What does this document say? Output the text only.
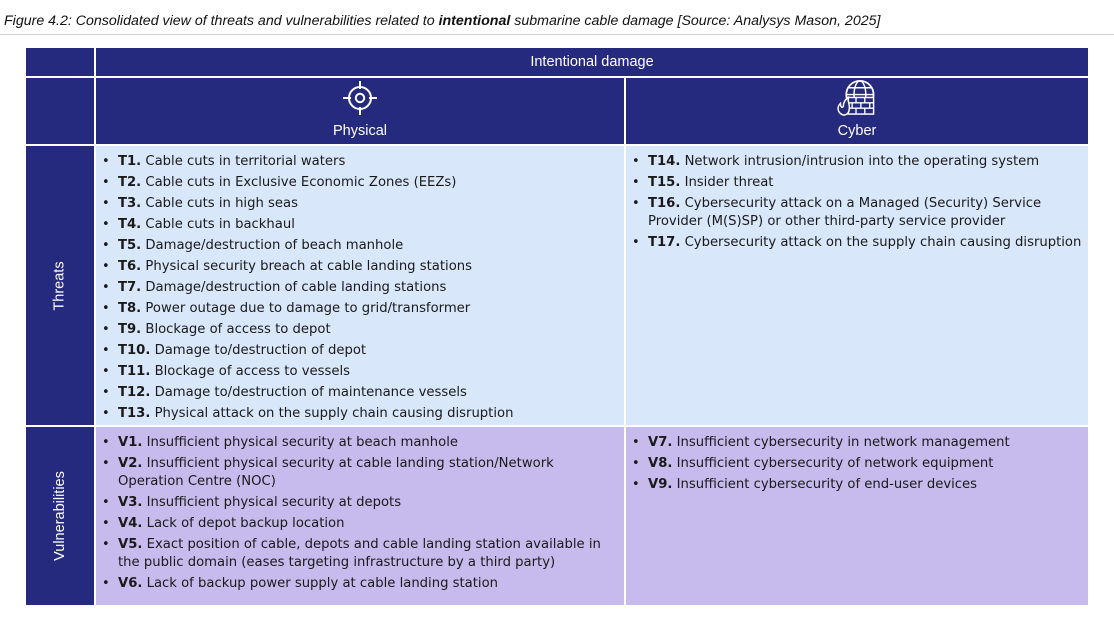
Figure 4.2: Consolidated view of threats and vulnerabilities related to intentional submarine cable damage [Source: Analysys Mason, 2025]
Intentional damage
Physical	Cyber
Threats
• T1. Cable cuts in territorial waters
• T2. Cable cuts in Exclusive Economic Zones (EEZs)
• T3. Cable cuts in high seas
• T4. Cable cuts in backhaul
• T5. Damage/destruction of beach manhole
• T6. Physical security breach at cable landing stations
• T7. Damage/destruction of cable landing stations
• T8. Power outage due to damage to grid/transformer
• T9. Blockage of access to depot
• T10. Damage to/destruction of depot
• T11. Blockage of access to vessels
• T12. Damage to/destruction of maintenance vessels
• T13. Physical attack on the supply chain causing disruption
• T14. Network intrusion/intrusion into the operating system
• T15. Insider threat
• T16. Cybersecurity attack on a Managed (Security) Service Provider (M(S)SP) or other third-party service provider
• T17. Cybersecurity attack on the supply chain causing disruption
Vulnerabilities
• V1. Insufficient physical security at beach manhole
• V2. Insufficient physical security at cable landing station/Network Operation Centre (NOC)
• V3. Insufficient physical security at depots
• V4. Lack of depot backup location
• V5. Exact position of cable, depots and cable landing station available in the public domain (eases targeting infrastructure by a third party)
• V6. Lack of backup power supply at cable landing station
• V7. Insufficient cybersecurity in network management
• V8. Insufficient cybersecurity of network equipment
• V9. Insufficient cybersecurity of end-user devices
